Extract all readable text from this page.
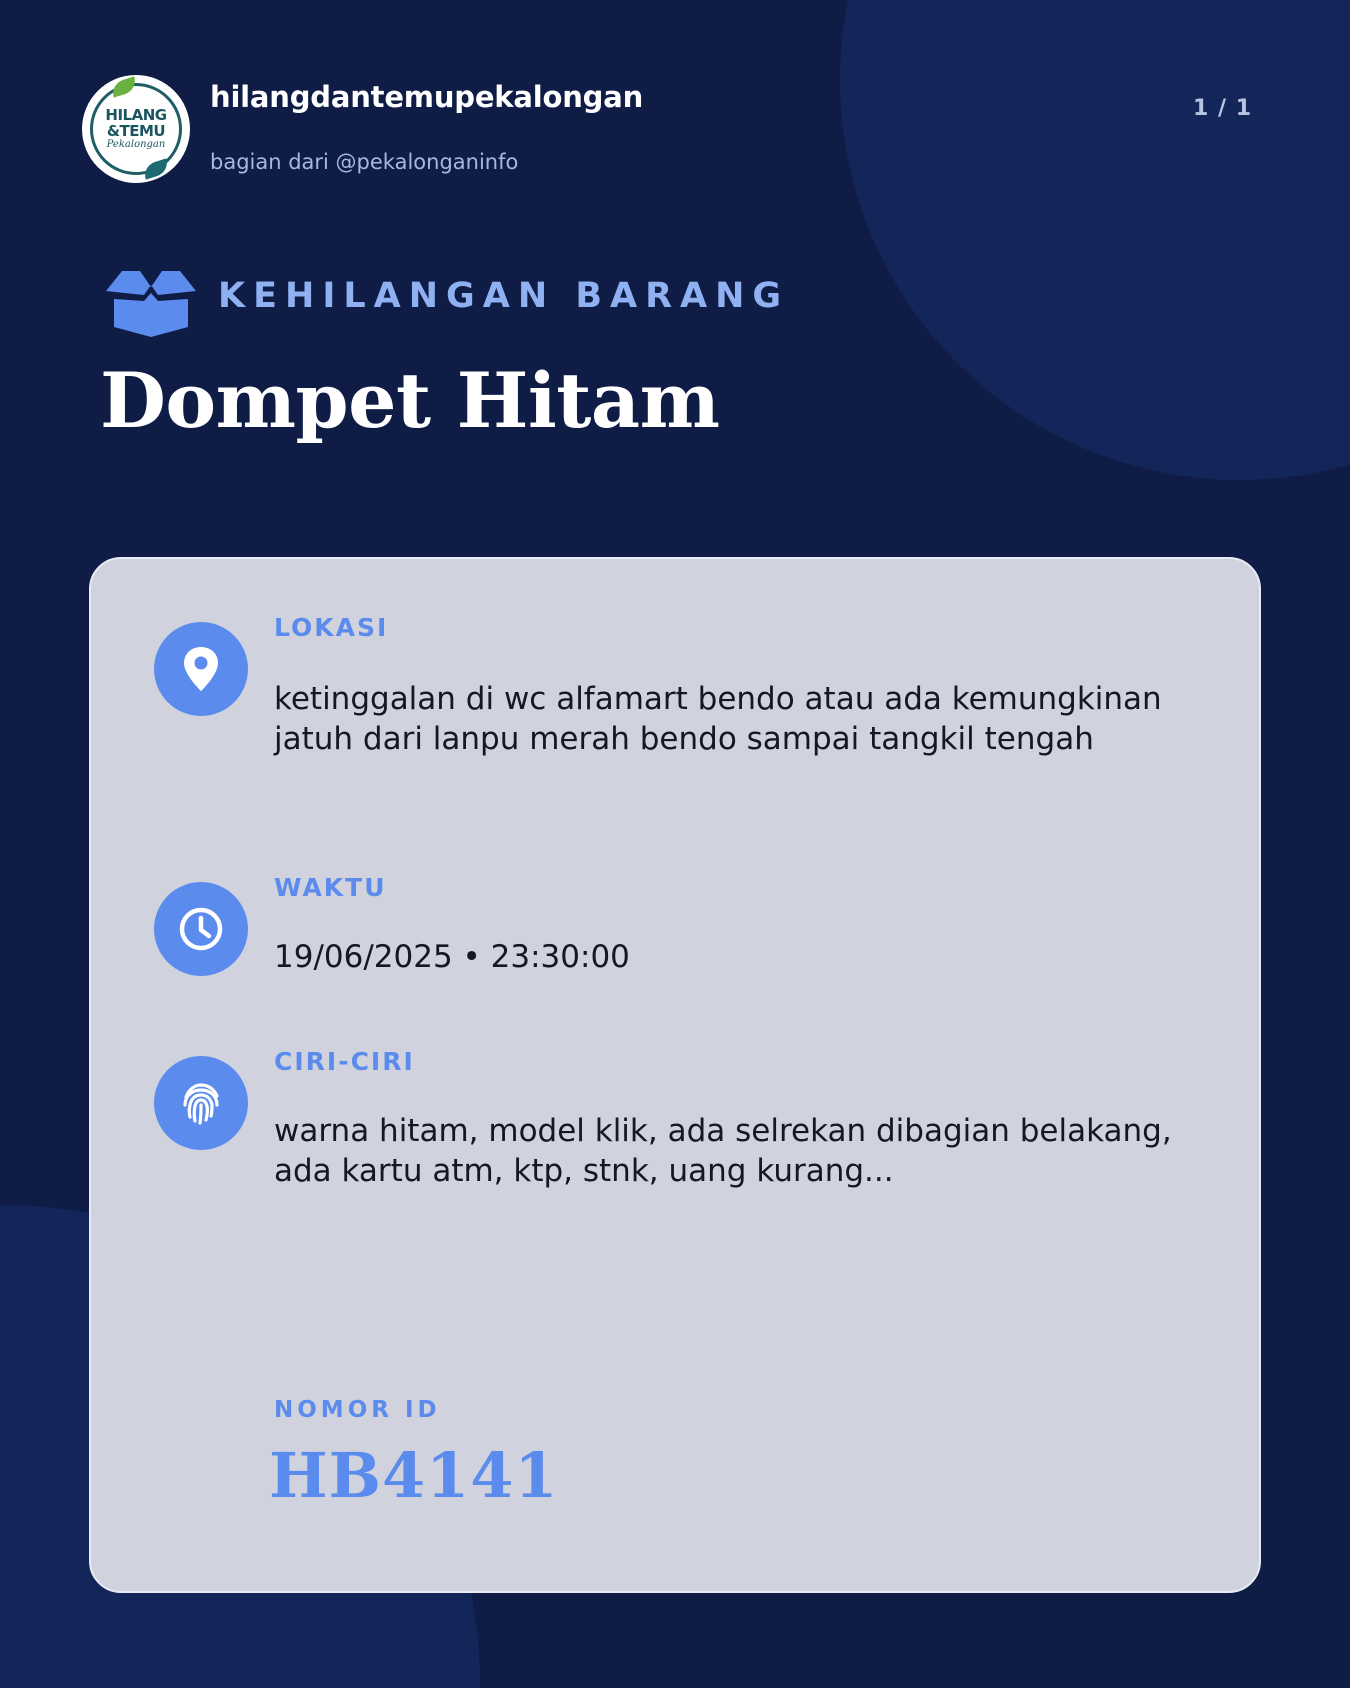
HILANG
&TEMU
Pekalongan
hilangdantemupekalongan
bagian dari @pekalonganinfo
1 / 1
KEHILANGAN BARANG
Dompet Hitam
LOKASI
ketinggalan di wc alfamart bendo atau ada kemungkinan jatuh dari lanpu merah bendo sampai tangkil tengah
WAKTU
19/06/2025 • 23:30:00
CIRI-CIRI
warna hitam, model klik, ada selrekan dibagian belakang, ada kartu atm, ktp, stnk, uang kurang...
NOMOR ID
HB4141
